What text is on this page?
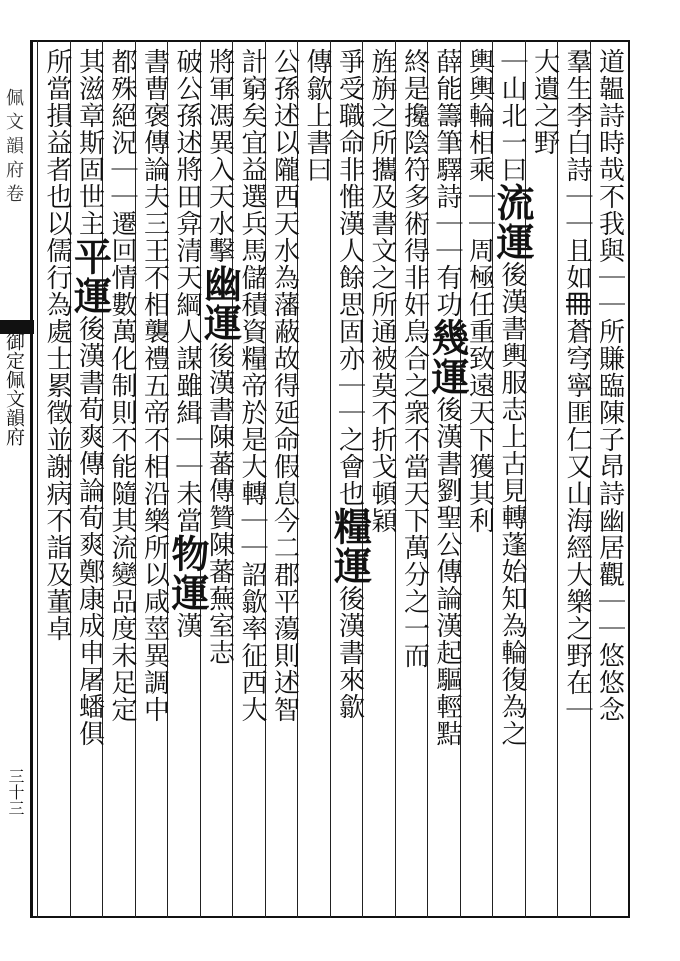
佩文韻府卷
御定佩文韻府
三十三
道韞詩時哉不我與｜｜所賺臨陳子昂詩幽居觀｜｜悠悠念
羣生李白詩｜｜且如𠕋蒼穹寧匪仁又山海經大樂之野在｜
大遺之野
｜山北一曰流運後漢書輿服志上古見轉蓬始知為輪復為之
輿輿輪相乘｜｜周極任重致遠天下獲其利
薛能籌筆驛詩｜｜有功幾運後漢書劉聖公傳論漢起驅輕黠
終是攙陰符多術得非奸烏合之衆不當天下萬分之一而
旌旃之所攜及書文之所通被莫不折戈頓穎
爭受職命非惟漢人餘思固亦｜｜之會也糧運後漢書來歙
傳歙上書曰
公孫述以隴西天水為藩蔽故得延命假息今二郡平蕩則述智
計窮矣宜益選兵馬儲積資糧帝於是大轉｜｜詔歙率征西大
將軍馮異入天水擊幽運後漢書陳蕃傳贊陳蕃蕪室志
破公孫述將田弇清天綱人謀雖緝｜｜未當物運漢
書曹褒傳論夫三王不相襲禮五帝不相沿樂所以咸莖異調中
都殊絕況｜｜遷回情數萬化制則不能隨其流變品度未足定
其滋章斯固世主平運後漢書荀爽傳論荀爽鄭康成申屠蟠俱
所當損益者也以儒行為處士累徵並謝病不詣及董卓
